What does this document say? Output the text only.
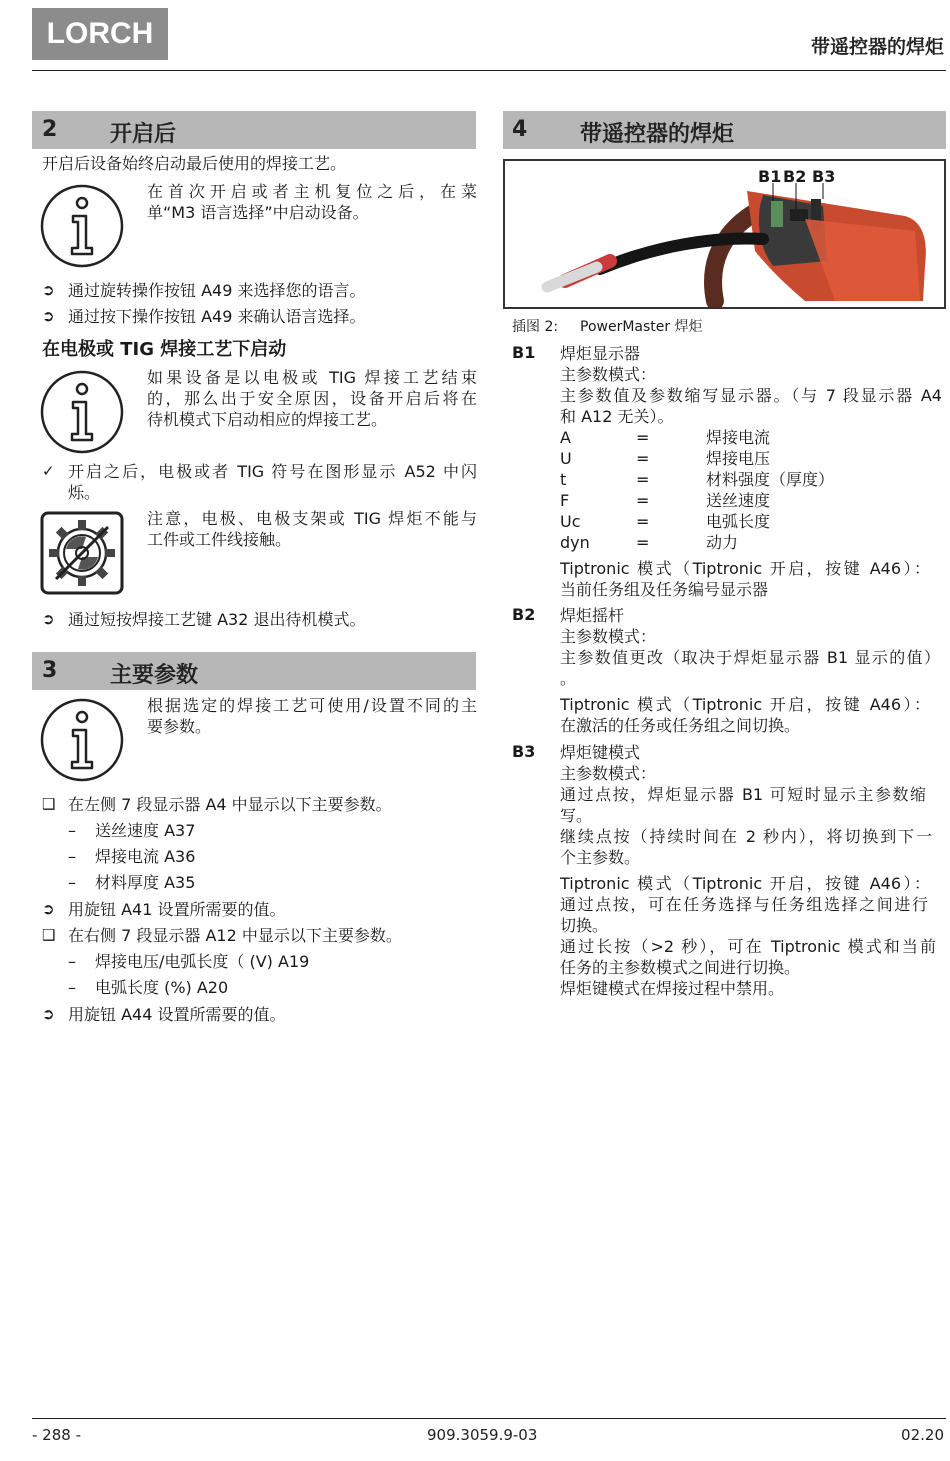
LORCH	带遥控器的焊炬
2 开启后
开启后设备始终启动最后使用的焊接工艺。
在首次开启或者主机复位之后，在菜
单“M3 语言选择”中启动设备。
➲ 通过旋转操作按钮 A49 来选择您的语言。
➲ 通过按下操作按钮 A49 来确认语言选择。
在电极或 TIG 焊接工艺下启动
如果设备是以电极或 TIG 焊接工艺结束
的，那么出于安全原因，设备开启后将在
待机模式下启动相应的焊接工艺。
✓ 开启之后，电极或者 TIG 符号在图形显示 A52 中闪
烁。
注意，电极、电极支架或 TIG 焊炬不能与
工件或工件线接触。
➲ 通过短按焊接工艺键 A32 退出待机模式。
3 主要参数
根据选定的焊接工艺可使用/设置不同的主
要参数。
❑ 在左侧 7 段显示器 A4 中显示以下主要参数。
– 送丝速度 A37
– 焊接电流 A36
– 材料厚度 A35
➲ 用旋钮 A41 设置所需要的值。
❑ 在右侧 7 段显示器 A12 中显示以下主要参数。
– 焊接电压/电弧长度（ (V) A19
– 电弧长度 (%) A20
➲ 用旋钮 A44 设置所需要的值。
4 带遥控器的焊炬
B1 B2 B3
插图 2: PowerMaster 焊炬
B1 焊炬显示器
主参数模式：
主参数值及参数缩写显示器。（与 7 段显示器 A4
和 A12 无关）。
A	=	焊接电流
U	=	焊接电压
t	=	材料强度（厚度）
F	=	送丝速度
Uc	=	电弧长度
dyn	=	动力
Tiptronic 模式（Tiptronic 开启，按键 A46）：
当前任务组及任务编号显示器
B2 焊炬摇杆
主参数模式：
主参数值更改（取决于焊炬显示器 B1 显示的值）
。
Tiptronic 模式（Tiptronic 开启，按键 A46）：
在激活的任务或任务组之间切换。
B3 焊炬键模式
主参数模式：
通过点按，焊炬显示器 B1 可短时显示主参数缩
写。
继续点按（持续时间在 2 秒内），将切换到下一
个主参数。
Tiptronic 模式（Tiptronic 开启，按键 A46）：
通过点按，可在任务选择与任务组选择之间进行
切换。
通过长按（>2 秒），可在 Tiptronic 模式和当前
任务的主参数模式之间进行切换。
焊炬键模式在焊接过程中禁用。
- 288 -	909.3059.9-03	02.20
